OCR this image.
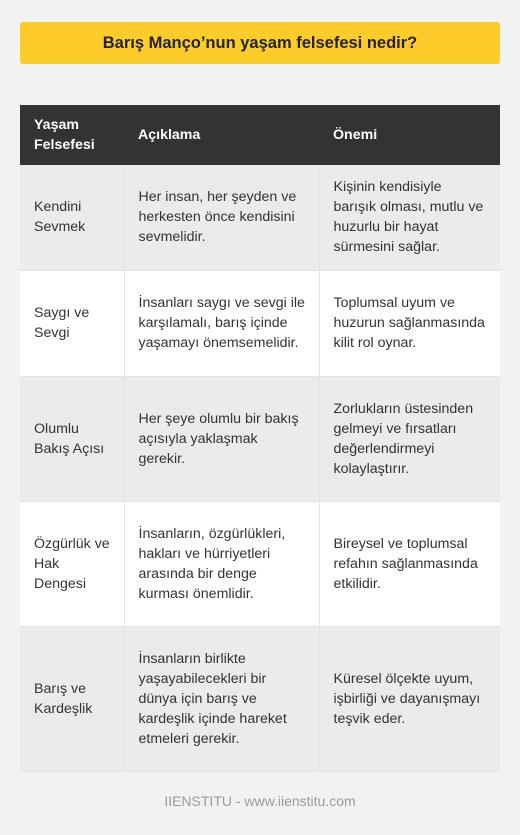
Barış Manço’nun yaşam felsefesi nedir?
Yaşam Felsefesi	Açıklama	Önemi
Kendini Sevmek	Her insan, her şeyden ve herkesten önce kendisini sevmelidir.	Kişinin kendisiyle barışık olması, mutlu ve huzurlu bir hayat sürmesini sağlar.
Saygı ve Sevgi	İnsanları saygı ve sevgi ile karşılamalı, barış içinde yaşamayı önemsemelidir.	Toplumsal uyum ve huzurun sağlanmasında kilit rol oynar.
Olumlu Bakış Açısı	Her şeye olumlu bir bakış açısıyla yaklaşmak gerekir.	Zorlukların üstesinden gelmeyi ve fırsatları değerlendirmeyi kolaylaştırır.
Özgürlük ve Hak Dengesi	İnsanların, özgürlükleri, hakları ve hürriyetleri arasında bir denge kurması önemlidir.	Bireysel ve toplumsal refahın sağlanmasında etkilidir.
Barış ve Kardeşlik	İnsanların birlikte yaşayabilecekleri bir dünya için barış ve kardeşlik içinde hareket etmeleri gerekir.	Küresel ölçekte uyum, işbirliği ve dayanışmayı teşvik eder.
IIENSTITU - www.iienstitu.com
